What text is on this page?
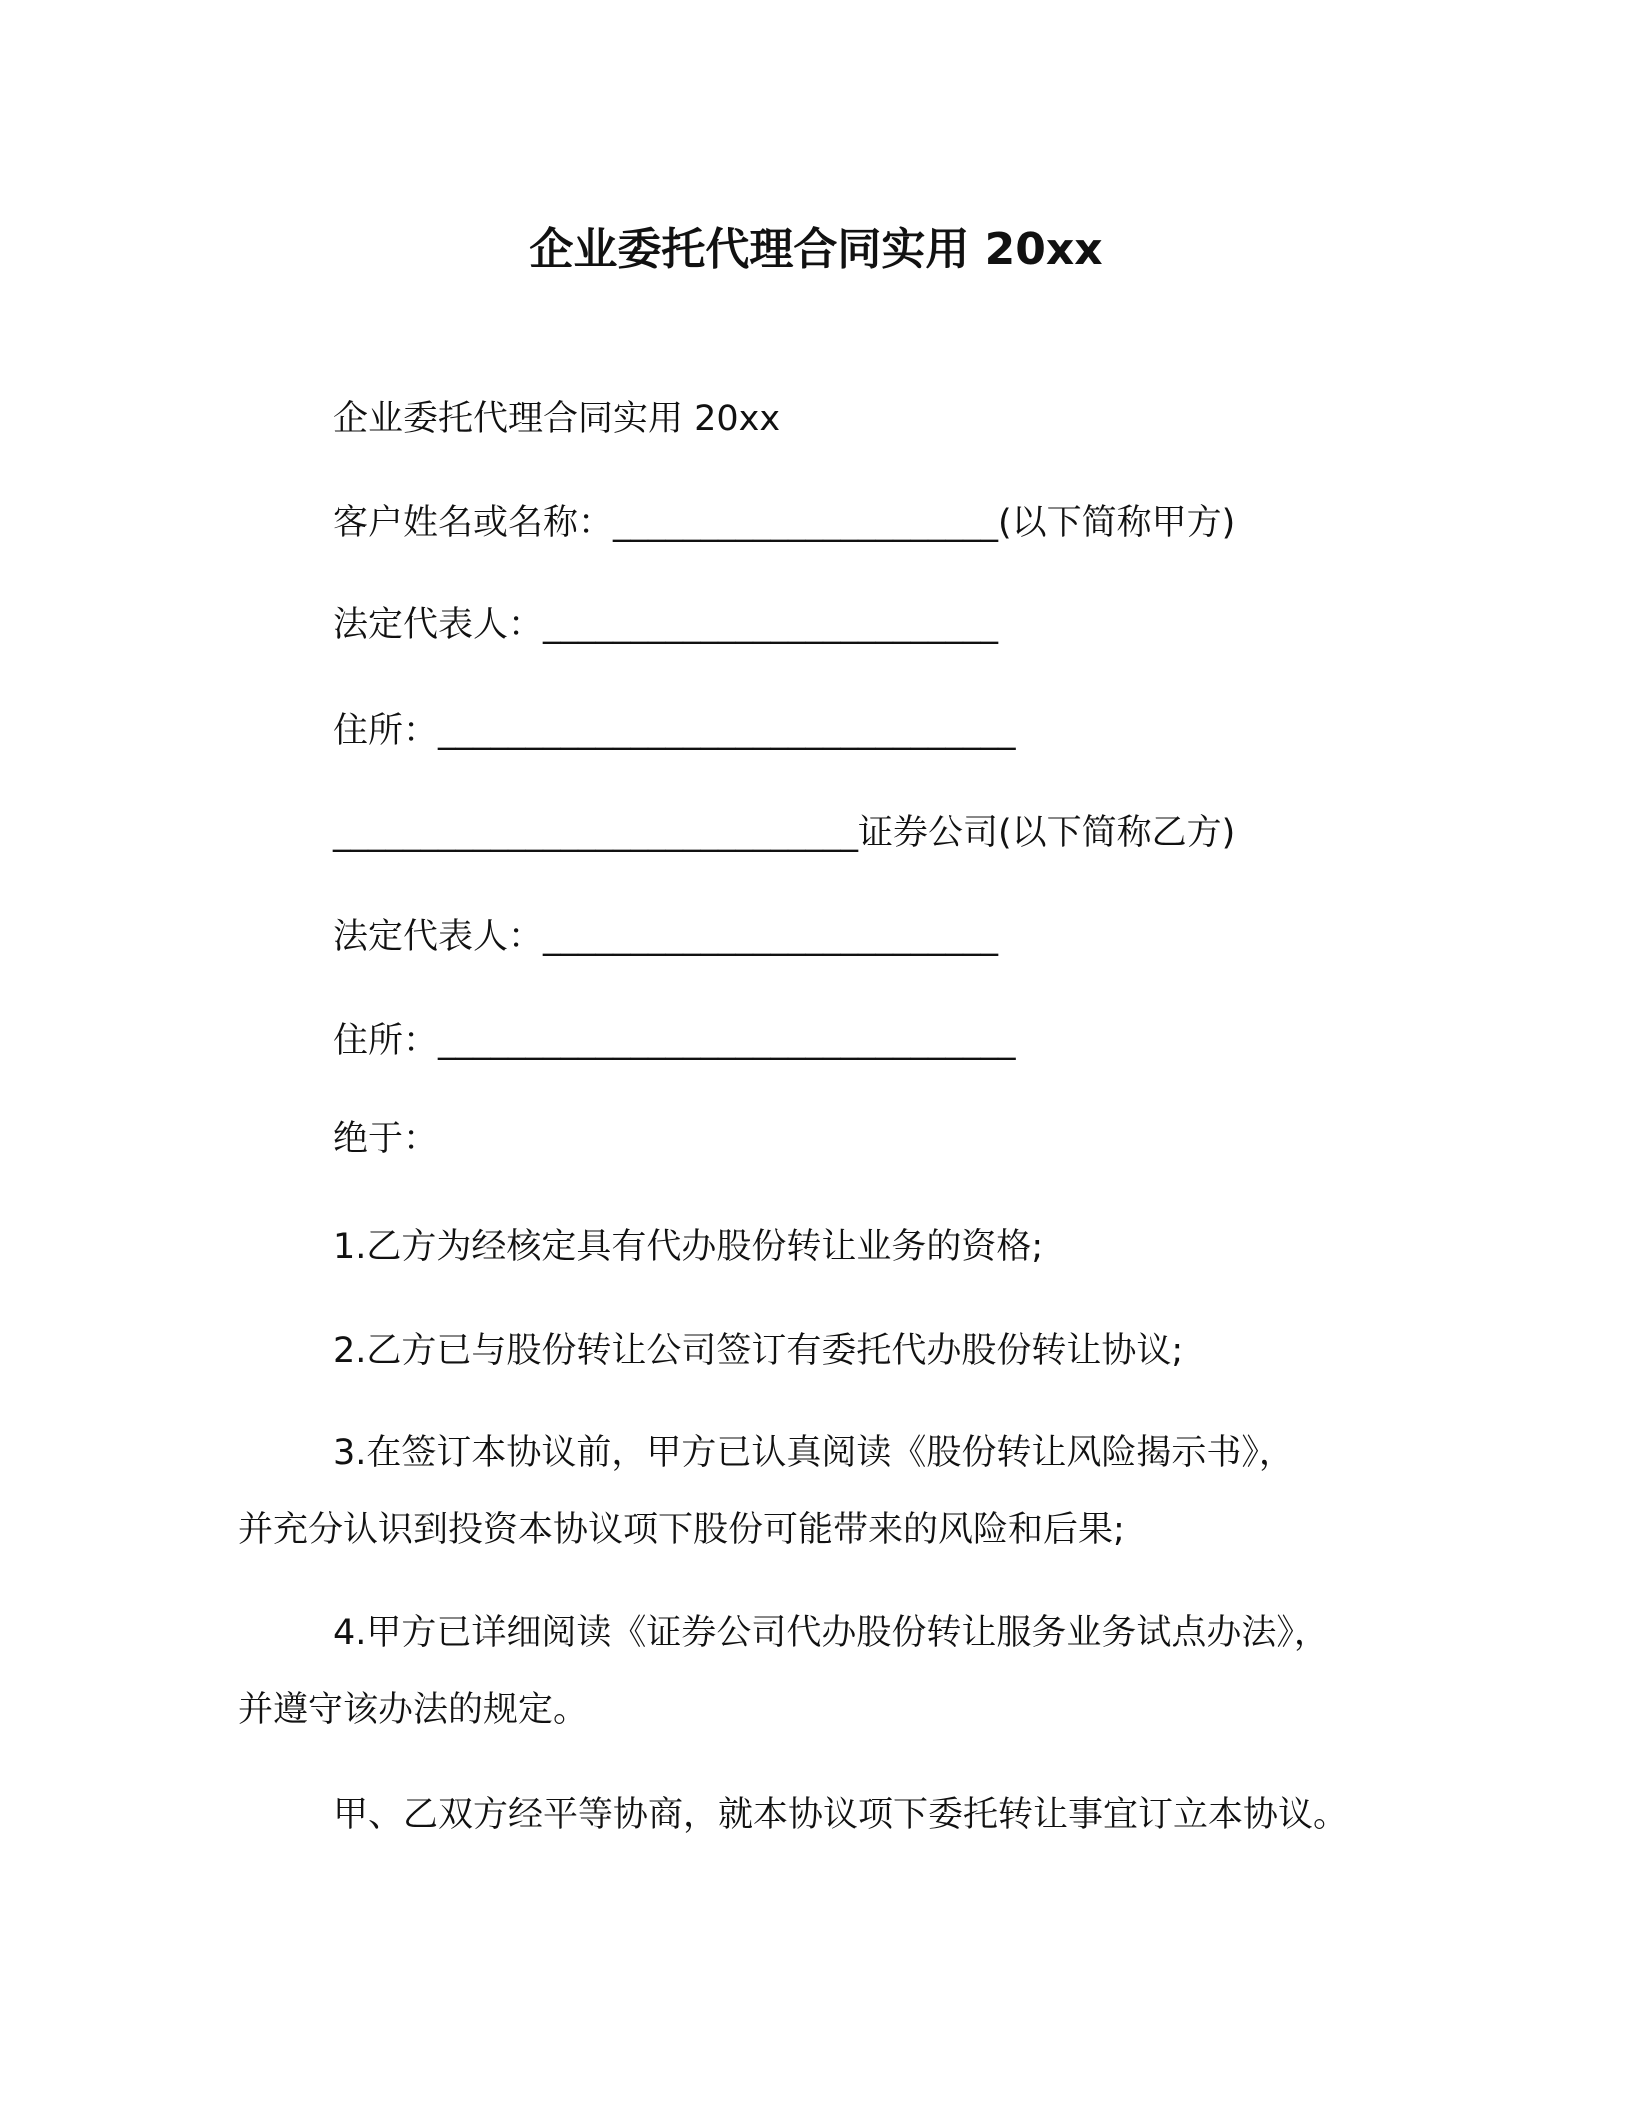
企业委托代理合同实用 20xx
企业委托代理合同实用 20xx
客户姓名或名称：______________________(以下简称甲方)
法定代表人：__________________________
住所：_________________________________
______________________________证券公司(以下简称乙方)
法定代表人：__________________________
住所：_________________________________
绝于：
1.乙方为经核定具有代办股份转让业务的资格;
2.乙方已与股份转让公司签订有委托代办股份转让协议;
3.在签订本协议前，甲方已认真阅读《股份转让风险揭示书》，
并充分认识到投资本协议项下股份可能带来的风险和后果;
4.甲方已详细阅读《证券公司代办股份转让服务业务试点办法》，
并遵守该办法的规定。
甲、乙双方经平等协商，就本协议项下委托转让事宜订立本协议。
